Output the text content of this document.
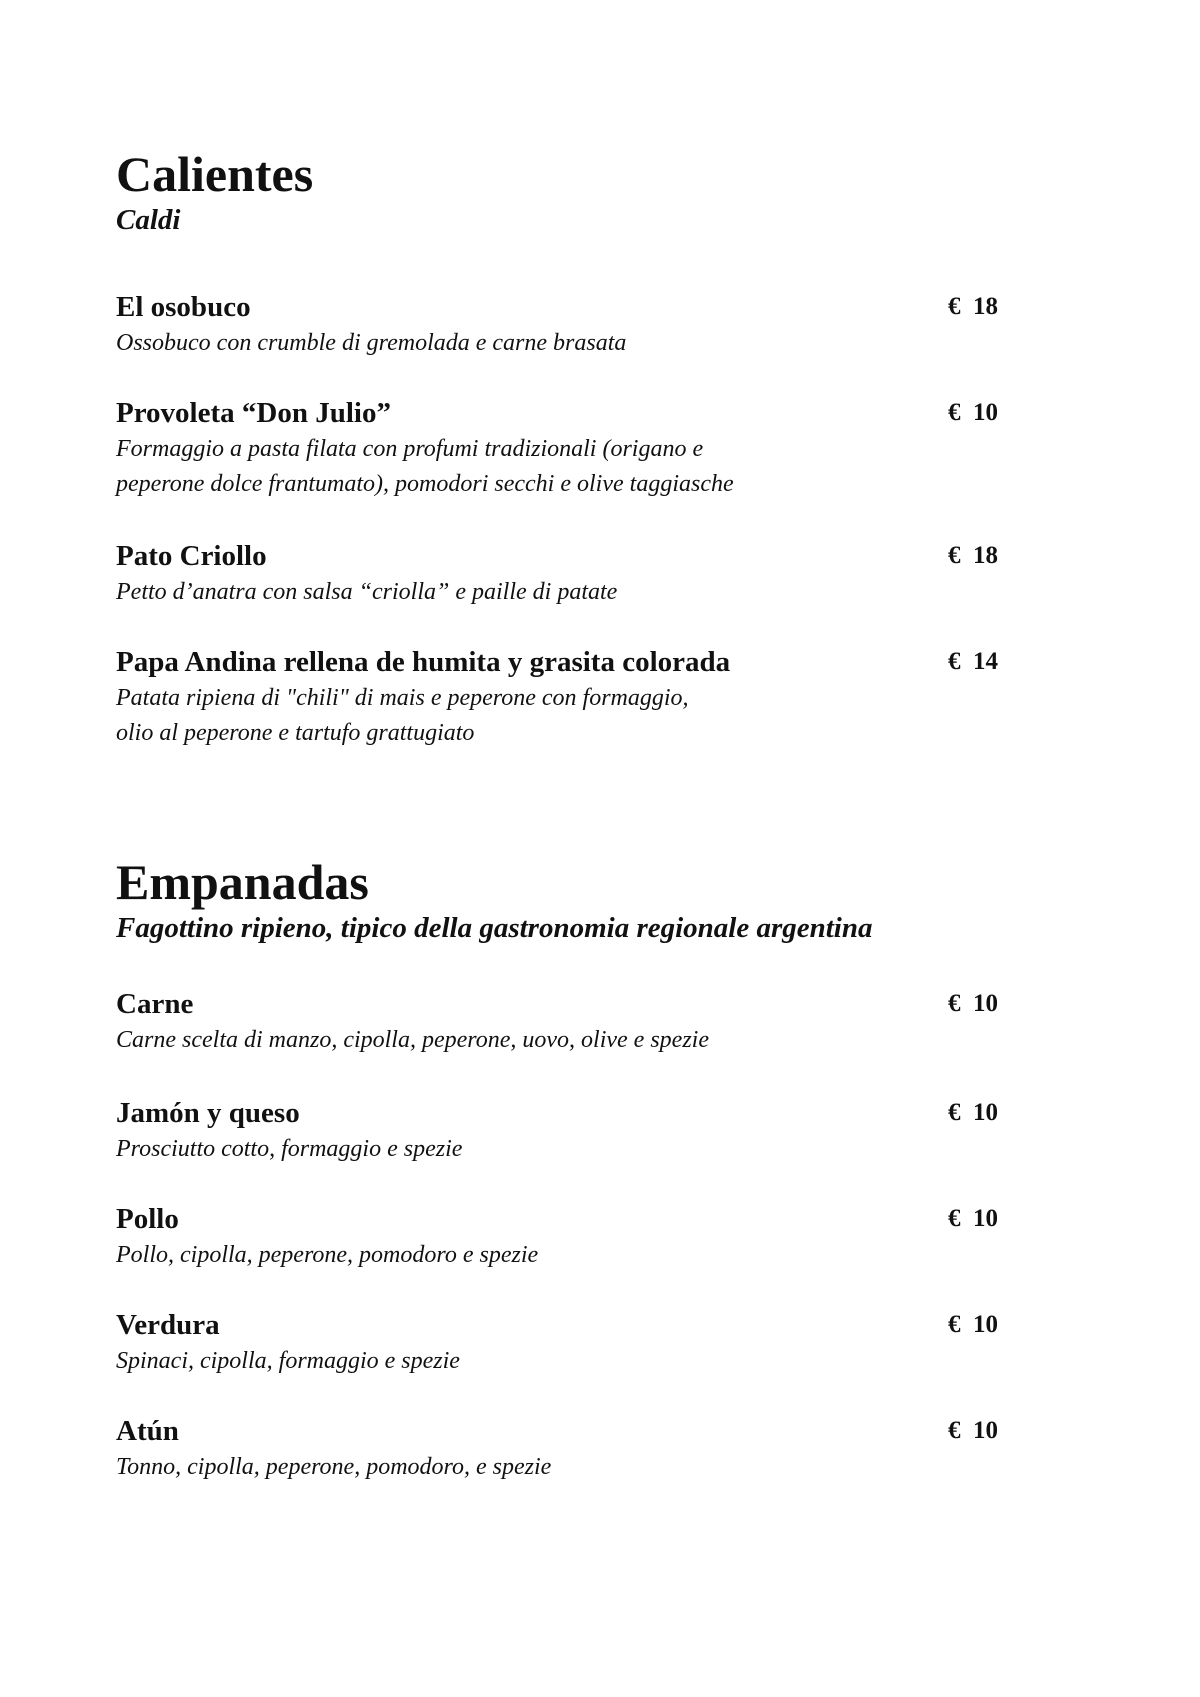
Calientes
Caldi
El osobuco	€  18
Ossobuco con crumble di gremolada e carne brasata
Provoleta “Don Julio”	€  10
Formaggio a pasta filata con profumi tradizionali (origano e
peperone dolce frantumato), pomodori secchi e olive taggiasche
Pato Criollo	€  18
Petto d’anatra con salsa “criolla” e paille di patate
Papa Andina rellena de humita y grasita colorada	€  14
Patata ripiena di "chili" di mais e peperone con formaggio,
olio al peperone e tartufo grattugiato
Empanadas
Fagottino ripieno, tipico della gastronomia regionale argentina
Carne	€  10
Carne scelta di manzo, cipolla, peperone, uovo, olive e spezie
Jamón y queso	€  10
Prosciutto cotto, formaggio e spezie
Pollo	€  10
Pollo, cipolla, peperone, pomodoro e spezie
Verdura	€  10
Spinaci, cipolla, formaggio e spezie
Atún	€  10
Tonno, cipolla, peperone, pomodoro, e spezie
